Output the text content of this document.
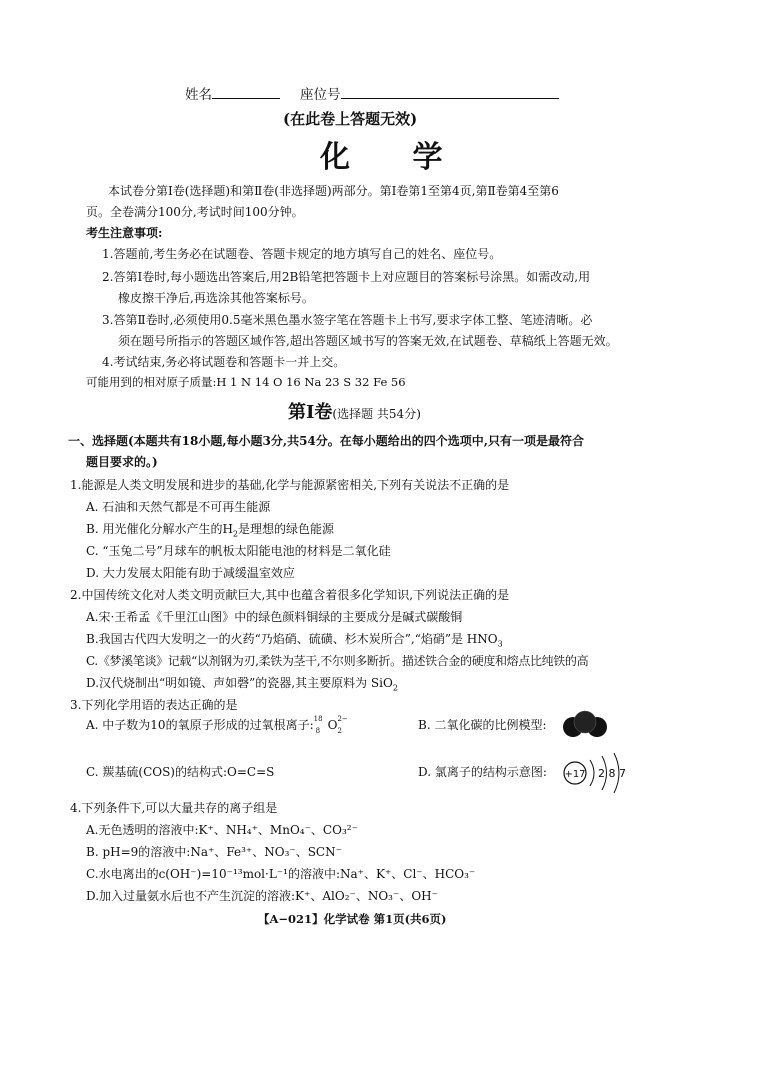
姓名	座位号
(在此卷上答题无效)
化 学
本试卷分第Ⅰ卷(选择题)和第Ⅱ卷(非选择题)两部分。第Ⅰ卷第1至第4页,第Ⅱ卷第4至第6
页。全卷满分100分,考试时间100分钟。
考生注意事项:
1.答题前,考生务必在试题卷、答题卡规定的地方填写自己的姓名、座位号。
2.答第Ⅰ卷时,每小题选出答案后,用2B铅笔把答题卡上对应题目的答案标号涂黑。如需改动,用
橡皮擦干净后,再选涂其他答案标号。
3.答第Ⅱ卷时,必须使用0.5毫米黑色墨水签字笔在答题卡上书写,要求字体工整、笔迹清晰。必
须在题号所指示的答题区域作答,超出答题区域书写的答案无效,在试题卷、草稿纸上答题无效。
4.考试结束,务必将试题卷和答题卡一并上交。
可能用到的相对原子质量:H 1 N 14 O 16 Na 23 S 32 Fe 56
第Ⅰ卷(选择题 共54分)
一、选择题(本题共有18小题,每小题3分,共54分。在每小题给出的四个选项中,只有一项是最符合
题目要求的。)
1.能源是人类文明发展和进步的基础,化学与能源紧密相关,下列有关说法不正确的是
A. 石油和天然气都是不可再生能源
B. 用光催化分解水产生的$H_2$是理想的绿色能源
C. “玉兔二号”月球车的帆板太阳能电池的材料是二氧化硅
D. 大力发展太阳能有助于减缓温室效应
2.中国传统文化对人类文明贡献巨大,其中也蕴含着很多化学知识,下列说法正确的是
A.宋·王希孟《千里江山图》中的绿色颜料铜绿的主要成分是碱式碳酸铜
B.我国古代四大发明之一的火药“乃焰硝、硫磺、杉木炭所合”,“焰硝”是 $HNO_3$
C.《梦溪笔谈》记载“以剂钢为刃,柔铁为茎干,不尔则多断折。描述铁合金的硬度和熔点比纯铁的高
D.汉代烧制出“明如镜、声如磬”的瓷器,其主要原料为 SiO$_2$
3.下列化学用语的表达正确的是
A. 中子数为10的氧原子形成的过氧根离子: 18
8 O 2−
2	B. 二氧化碳的比例模型:
C. 羰基硫(COS)的结构式:O=C=S	D. 氯离子的结构示意图: +17 2 8 7
4.下列条件下,可以大量共存的离子组是
A.无色透明的溶液中:K⁺、NH₄⁺、MnO₄⁻、CO₃²⁻
B. pH=9的溶液中:Na⁺、Fe³⁺、NO₃⁻、SCN⁻
C.水电离出的c(OH⁻)=10⁻¹³mol·L⁻¹的溶液中:Na⁺、K⁺、Cl⁻、HCO₃⁻
D.加入过量氨水后也不产生沉淀的溶液:K⁺、AlO₂⁻、NO₃⁻、OH⁻
【A−021】化学试卷 第1页(共6页)
